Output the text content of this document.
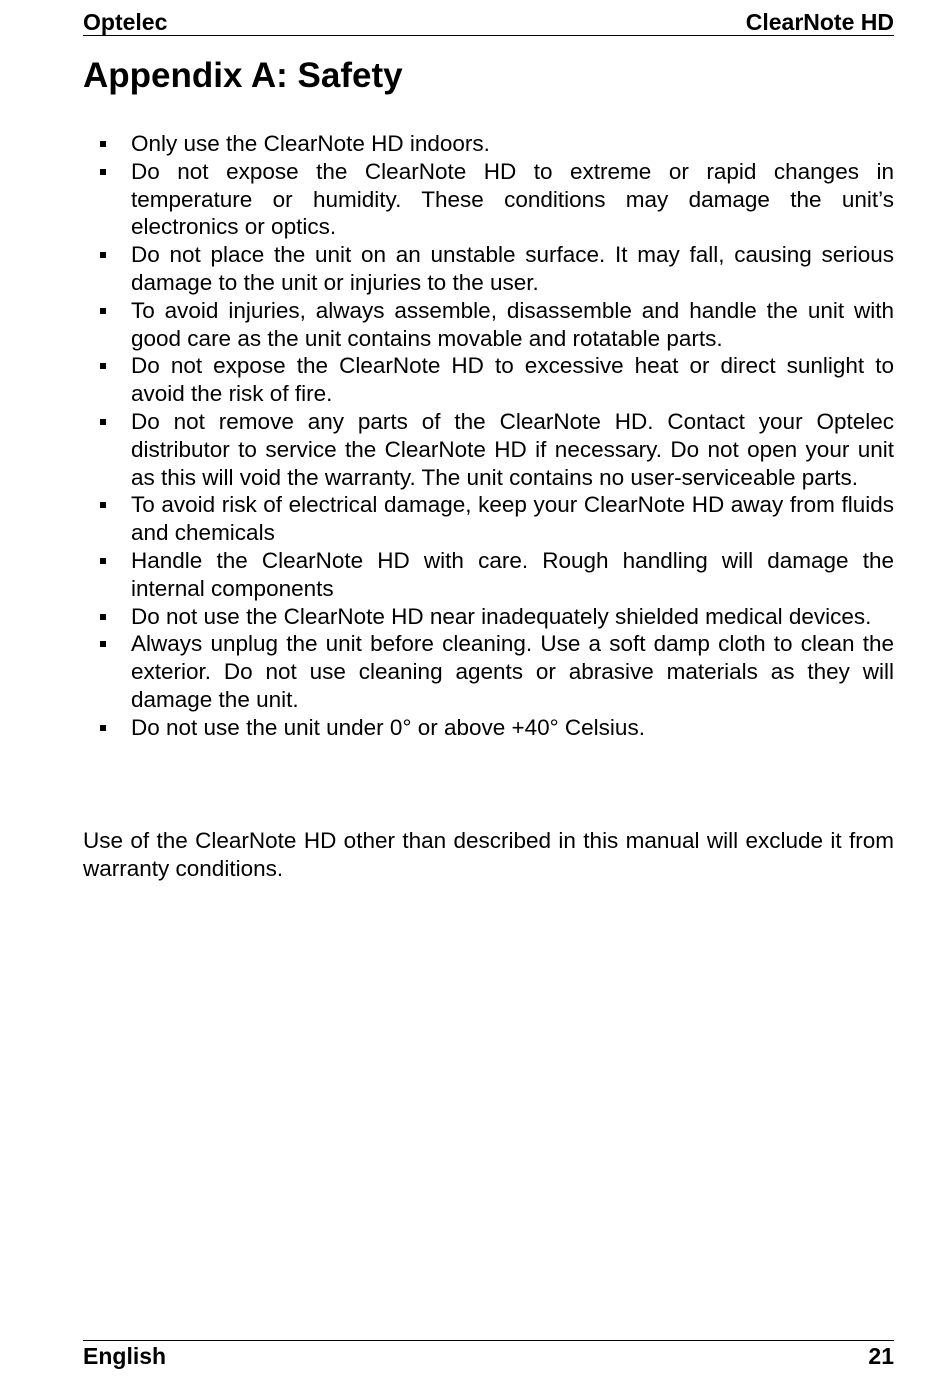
Optelec	ClearNote HD
Appendix A: Safety
Only use the ClearNote HD indoors.
Do not expose the ClearNote HD to extreme or rapid changes in temperature or humidity. These conditions may damage the unit’s electronics or optics.
Do not place the unit on an unstable surface. It may fall, causing serious damage to the unit or injuries to the user.
To avoid injuries, always assemble, disassemble and handle the unit with good care as the unit contains movable and rotatable parts.
Do not expose the ClearNote HD to excessive heat or direct sunlight to avoid the risk of fire.
Do not remove any parts of the ClearNote HD. Contact your Optelec distributor to service the ClearNote HD if necessary. Do not open your unit as this will void the warranty. The unit contains no user-serviceable parts.
To avoid risk of electrical damage, keep your ClearNote HD away from fluids and chemicals
Handle the ClearNote HD with care. Rough handling will damage the internal components
Do not use the ClearNote HD near inadequately shielded medical devices.
Always unplug the unit before cleaning. Use a soft damp cloth to clean the exterior. Do not use cleaning agents or abrasive materials as they will damage the unit.
Do not use the unit under 0° or above +40° Celsius.

Use of the ClearNote HD other than described in this manual will exclude it from warranty conditions.

English	21
